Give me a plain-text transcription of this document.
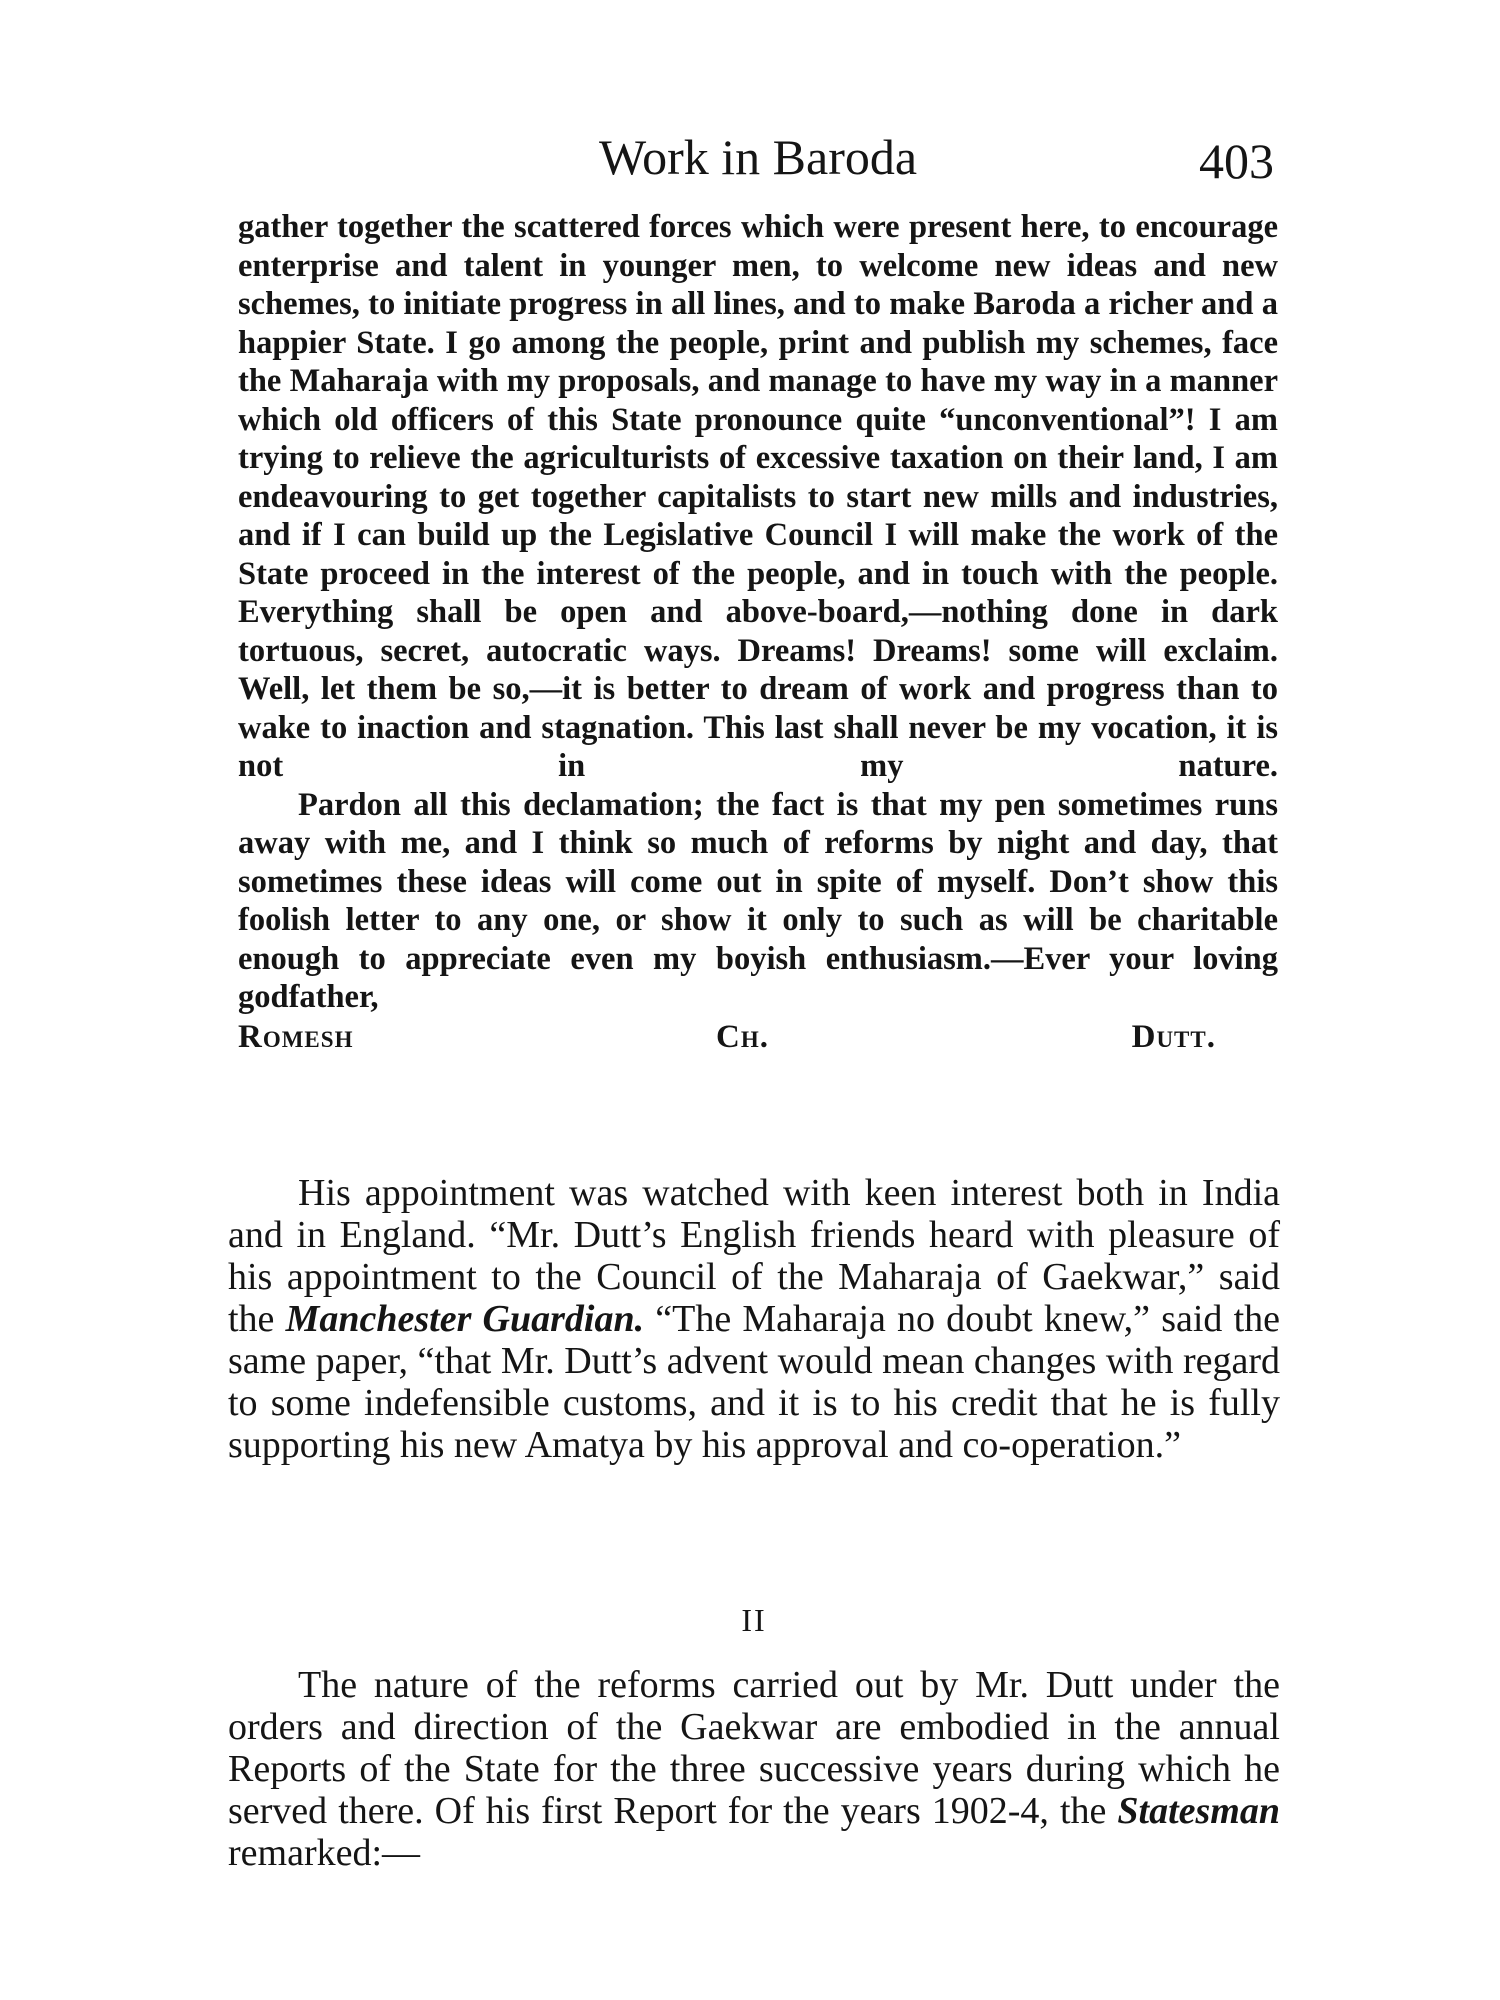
Work in Baroda	403

gather together the scattered forces which were present here, to encourage enterprise and talent in younger men, to welcome new ideas and new schemes, to initiate progress in all lines, and to make Baroda a richer and a happier State. I go among the people, print and publish my schemes, face the Maharaja with my proposals, and manage to have my way in a manner which old officers of this State pronounce quite “unconventional”! I am trying to relieve the agriculturists of excessive taxation on their land, I am endeavouring to get together capitalists to start new mills and industries, and if I can build up the Legislative Council I will make the work of the State proceed in the interest of the people, and in touch with the people. Everything shall be open and above-board,—nothing done in dark tortuous, secret, autocratic ways. Dreams! Dreams! some will exclaim. Well, let them be so,—it is better to dream of work and progress than to wake to inaction and stagnation. This last shall never be my vocation, it is not in my nature.

Pardon all this declamation; the fact is that my pen sometimes runs away with me, and I think so much of reforms by night and day, that sometimes these ideas will come out in spite of myself. Don’t show this foolish letter to any one, or show it only to such as will be charitable enough to appreciate even my boyish enthusiasm.—Ever your loving godfather,

Romesh Ch. Dutt.

His appointment was watched with keen interest both in India and in England. “Mr. Dutt’s English friends heard with pleasure of his appointment to the Council of the Maharaja of Gaekwar,” said the Manchester Guardian. “The Maharaja no doubt knew,” said the same paper, “that Mr. Dutt’s advent would mean changes with regard to some indefensible customs, and it is to his credit that he is fully supporting his new Amatya by his approval and co-operation.”

II

The nature of the reforms carried out by Mr. Dutt under the orders and direction of the Gaekwar are embodied in the annual Reports of the State for the three successive years during which he served there. Of his first Report for the years 1902-4, the Statesman remarked:—
